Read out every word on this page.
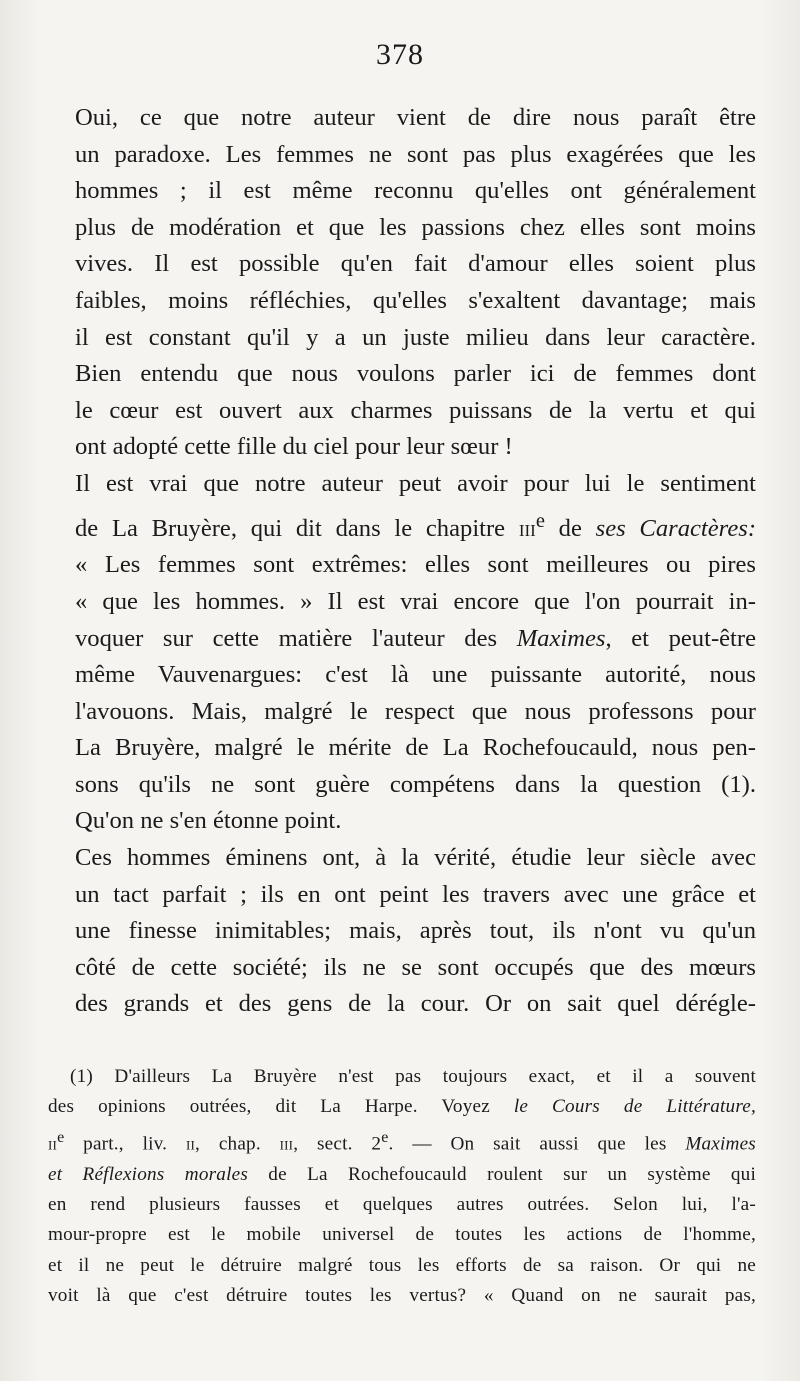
378

Oui, ce que notre auteur vient de dire nous paraît être
un paradoxe. Les femmes ne sont pas plus exagérées que les
hommes ; il est même reconnu qu'elles ont généralement
plus de modération et que les passions chez elles sont moins
vives. Il est possible qu'en fait d'amour elles soient plus
faibles, moins réfléchies, qu'elles s'exaltent davantage; mais
il est constant qu'il y a un juste milieu dans leur caractère.
Bien entendu que nous voulons parler ici de femmes dont
le cœur est ouvert aux charmes puissans de la vertu et qui
ont adopté cette fille du ciel pour leur sœur !

Il est vrai que notre auteur peut avoir pour lui le sentiment
de La Bruyère, qui dit dans le chapitre iii$^e$ de ses Caractères:
« Les femmes sont extrêmes: elles sont meilleures ou pires
« que les hommes. » Il est vrai encore que l'on pourrait in-
voquer sur cette matière l'auteur des Maximes, et peut-être
même Vauvenargues: c'est là une puissante autorité, nous
l'avouons. Mais, malgré le respect que nous professons pour
La Bruyère, malgré le mérite de La Rochefoucauld, nous pen-
sons qu'ils ne sont guère compétens dans la question (1).
Qu'on ne s'en étonne point.

Ces hommes éminens ont, à la vérité, étudie leur siècle avec
un tact parfait ; ils en ont peint les travers avec une grâce et
une finesse inimitables; mais, après tout, ils n'ont vu qu'un
côté de cette société; ils ne se sont occupés que des mœurs
des grands et des gens de la cour. Or on sait quel dérégle-

(1) D'ailleurs La Bruyère n'est pas toujours exact, et il a souvent
des opinions outrées, dit La Harpe. Voyez le Cours de Littérature,
$ii^e$ part., liv. ii, chap. iii, sect. 2e. — On sait aussi que les Maximes
et Réflexions morales de La Rochefoucauld roulent sur un système qui
en rend plusieurs fausses et quelques autres outrées. Selon lui, l'a-
mour-propre est le mobile universel de toutes les actions de l'homme,
et il ne peut le détruire malgré tous les efforts de sa raison. Or qui ne
voit là que c'est détruire toutes les vertus? « Quand on ne saurait pas,
